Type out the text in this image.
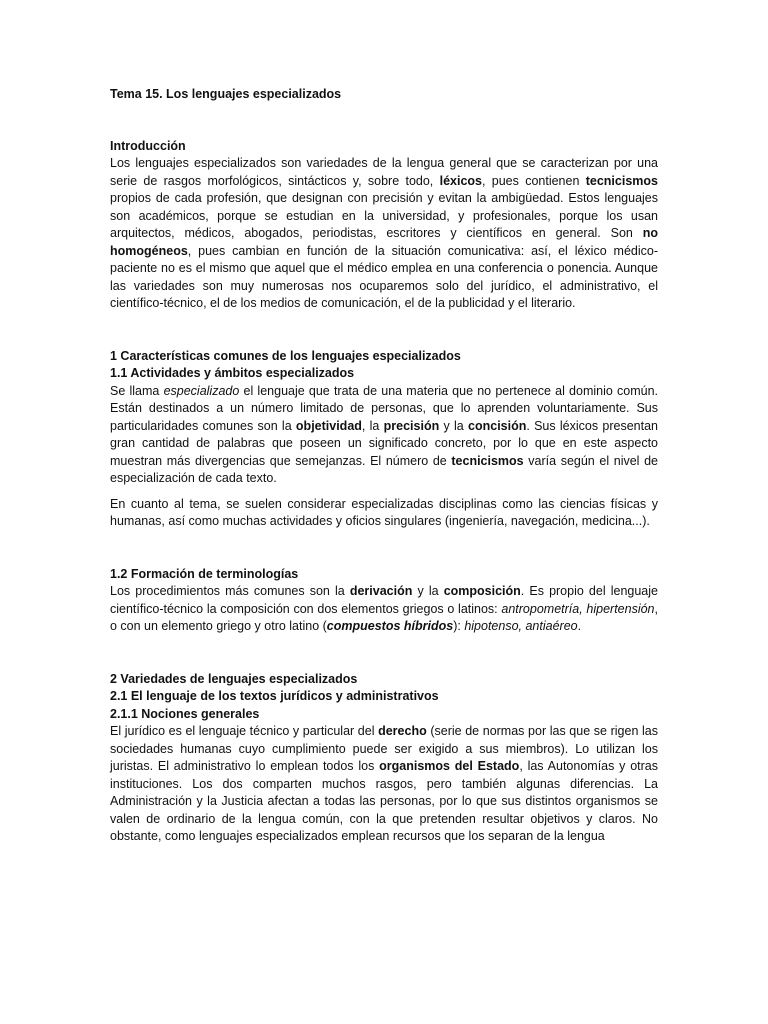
Tema 15. Los lenguajes especializados
Introducción

Los lenguajes especializados son variedades de la lengua general que se caracterizan por una serie de rasgos morfológicos, sintácticos y, sobre todo, léxicos, pues contienen tecnicismos propios de cada profesión, que designan con precisión y evitan la ambigüedad. Estos lenguajes son académicos, porque se estudian en la universidad, y profesionales, porque los usan arquitectos, médicos, abogados, periodistas, escritores y científicos en general. Son no homogéneos, pues cambian en función de la situación comunicativa: así, el léxico médico-paciente no es el mismo que aquel que el médico emplea en una conferencia o ponencia. Aunque las variedades son muy numerosas nos ocuparemos solo del jurídico, el administrativo, el científico-técnico, el de los medios de comunicación, el de la publicidad y el literario.

1 Características comunes de los lenguajes especializados
1.1 Actividades y ámbitos especializados

Se llama especializado el lenguaje que trata de una materia que no pertenece al dominio común. Están destinados a un número limitado de personas, que lo aprenden voluntariamente. Sus particularidades comunes son la objetividad, la precisión y la concisión. Sus léxicos presentan gran cantidad de palabras que poseen un significado concreto, por lo que en este aspecto muestran más divergencias que semejanzas. El número de tecnicismos varía según el nivel de especialización de cada texto.

En cuanto al tema, se suelen considerar especializadas disciplinas como las ciencias físicas y humanas, así como muchas actividades y oficios singulares (ingeniería, navegación, medicina...).

1.2 Formación de terminologías

Los procedimientos más comunes son la derivación y la composición. Es propio del lenguaje científico-técnico la composición con dos elementos griegos o latinos: antropometría, hipertensión, o con un elemento griego y otro latino (compuestos híbridos): hipotenso, antiaéreo.

2 Variedades de lenguajes especializados
2.1 El lenguaje de los textos jurídicos y administrativos
2.1.1 Nociones generales

El jurídico es el lenguaje técnico y particular del derecho (serie de normas por las que se rigen las sociedades humanas cuyo cumplimiento puede ser exigido a sus miembros). Lo utilizan los juristas. El administrativo lo emplean todos los organismos del Estado, las Autonomías y otras instituciones. Los dos comparten muchos rasgos, pero también algunas diferencias. La Administración y la Justicia afectan a todas las personas, por lo que sus distintos organismos se valen de ordinario de la lengua común, con la que pretenden resultar objetivos y claros. No obstante, como lenguajes especializados emplean recursos que los separan de la lengua
